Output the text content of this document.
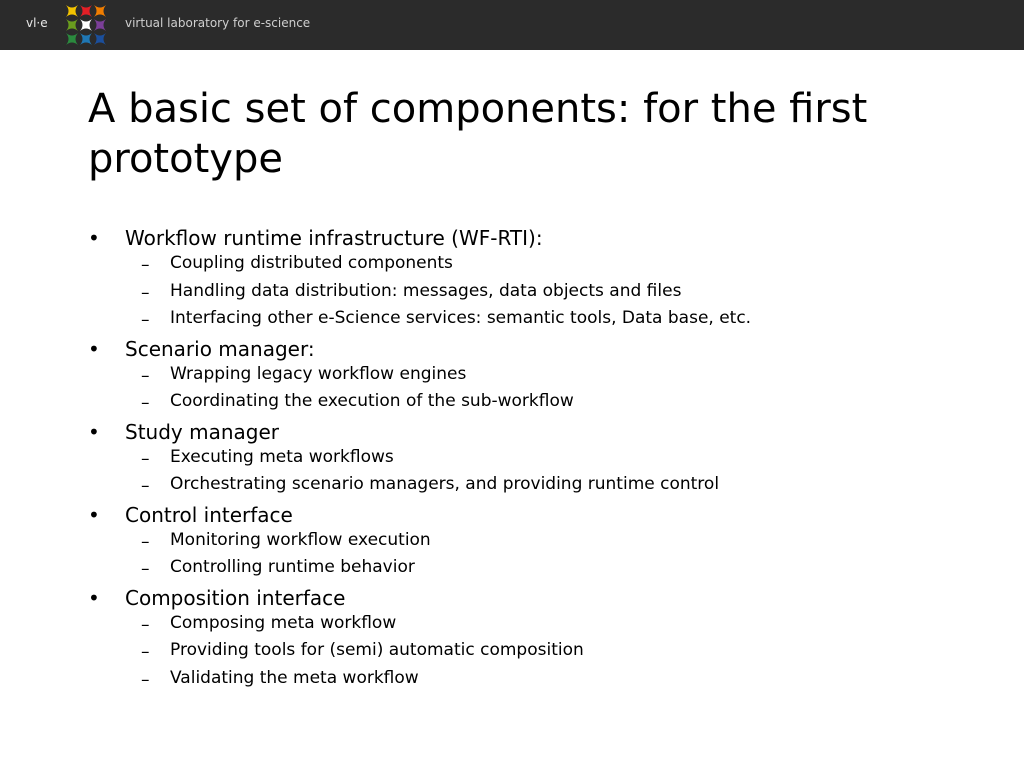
vl·e	virtual laboratory for e-science
A basic set of components: for the first prototype
• Workflow runtime infrastructure (WF-RTI):
– Coupling distributed components
– Handling data distribution: messages, data objects and files
– Interfacing other e-Science services: semantic tools, Data base, etc.
• Scenario manager:
– Wrapping legacy workflow engines
– Coordinating the execution of the sub-workflow
• Study manager
– Executing meta workflows
– Orchestrating scenario managers, and providing runtime control
• Control interface
– Monitoring workflow execution
– Controlling runtime behavior
• Composition interface
– Composing meta workflow
– Providing tools for (semi) automatic composition
– Validating the meta workflow
